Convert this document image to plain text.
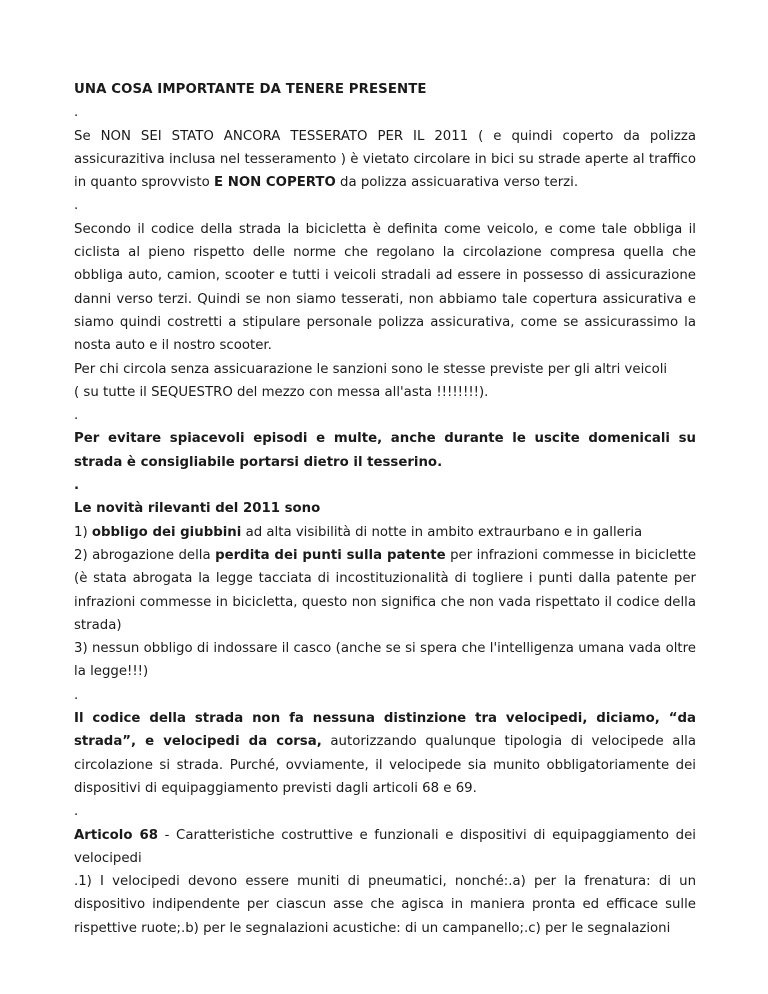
UNA COSA IMPORTANTE DA TENERE PRESENTE

.

Se NON SEI STATO ANCORA TESSERATO PER IL 2011 ( e quindi coperto da polizza assicurazitiva inclusa nel tesseramento ) è vietato circolare in bici su strade aperte al traffico in quanto sprovvisto E NON COPERTO da polizza assicuarativa verso terzi.

.

Secondo il codice della strada la bicicletta è definita come veicolo, e come tale obbliga il ciclista al pieno rispetto delle norme che regolano la circolazione compresa quella che obbliga auto, camion, scooter e tutti i veicoli stradali ad essere in possesso di assicurazione danni verso terzi. Quindi se non siamo tesserati, non abbiamo tale copertura assicurativa e siamo quindi costretti a stipulare personale polizza assicurativa, come se assicurassimo la nosta auto e il nostro scooter.

Per chi circola senza assicuarazione le sanzioni sono le stesse previste per gli altri veicoli

( su tutte il SEQUESTRO del mezzo con messa all'asta !!!!!!!!).

.

Per evitare spiacevoli episodi e multe, anche durante le uscite domenicali su strada è consigliabile portarsi dietro il tesserino.

.

Le novità rilevanti del 2011 sono

1) obbligo dei giubbini ad alta visibilità di notte in ambito extraurbano e in galleria

2) abrogazione della perdita dei punti sulla patente per infrazioni commesse in biciclette (è stata abrogata la legge tacciata di incostituzionalità di togliere i punti dalla patente per infrazioni commesse in bicicletta, questo non significa che non vada rispettato il codice della strada)

3) nessun obbligo di indossare il casco (anche se si spera che l'intelligenza umana vada oltre la legge!!!)

.

Il codice della strada non fa nessuna distinzione tra velocipedi, diciamo, “da strada”, e velocipedi da corsa, autorizzando qualunque tipologia di velocipede alla circolazione si strada. Purché, ovviamente, il velocipede sia munito obbligatoriamente dei dispositivi di equipaggiamento previsti dagli articoli 68 e 69.

.

Articolo 68 - Caratteristiche costruttive e funzionali e dispositivi di equipaggiamento dei velocipedi

.1) I velocipedi devono essere muniti di pneumatici, nonché:.a) per la frenatura: di un dispositivo indipendente per ciascun asse che agisca in maniera pronta ed efficace sulle rispettive ruote;.b) per le segnalazioni acustiche: di un campanello;.c) per le segnalazioni
